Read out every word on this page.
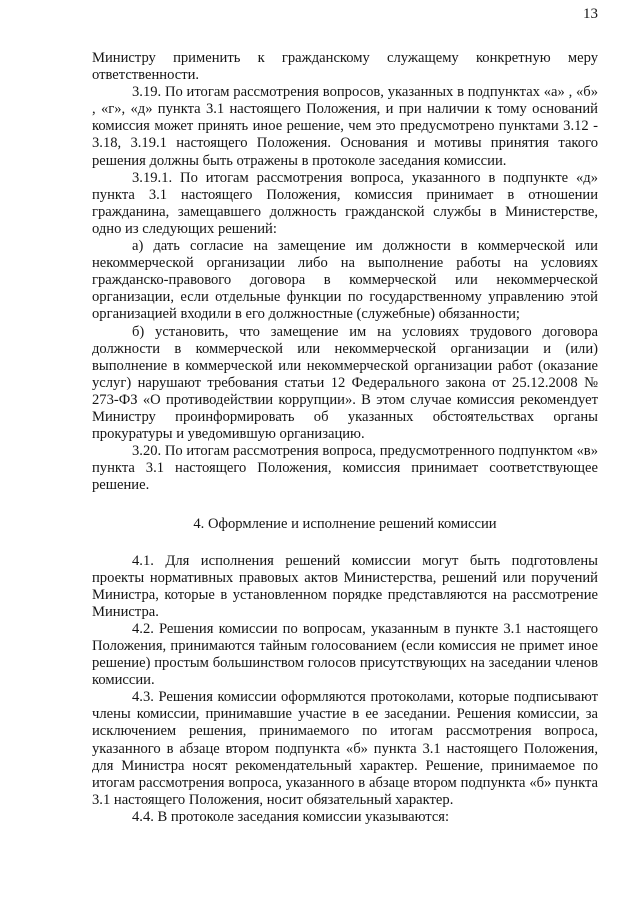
13

Министру применить к гражданскому служащему конкретную меру ответственности.

3.19. По итогам рассмотрения вопросов, указанных в подпунктах «а» , «б» , «г», «д» пункта 3.1 настоящего Положения, и при наличии к тому оснований комиссия может принять иное решение, чем это предусмотрено пунктами 3.12 - 3.18, 3.19.1 настоящего Положения. Основания и мотивы принятия такого решения должны быть отражены в протоколе заседания комиссии.

3.19.1. По итогам рассмотрения вопроса, указанного в подпункте «д» пункта 3.1 настоящего Положения, комиссия принимает в отношении гражданина, замещавшего должность гражданской службы в Министерстве, одно из следующих решений:

а) дать согласие на замещение им должности в коммерческой или некоммерческой организации либо на выполнение работы на условиях гражданско-правового договора в коммерческой или некоммерческой организации, если отдельные функции по государственному управлению этой организацией входили в его должностные (служебные) обязанности;

б) установить, что замещение им на условиях трудового договора должности в коммерческой или некоммерческой организации и (или) выполнение в коммерческой или некоммерческой организации работ (оказание услуг) нарушают требования статьи 12 Федерального закона от 25.12.2008 № 273-ФЗ «О противодействии коррупции». В этом случае комиссия рекомендует Министру проинформировать об указанных обстоятельствах органы прокуратуры и уведомившую организацию.

3.20. По итогам рассмотрения вопроса, предусмотренного подпунктом «в» пункта 3.1 настоящего Положения, комиссия принимает соответствующее решение.

4. Оформление и исполнение решений комиссии

4.1. Для исполнения решений комиссии могут быть подготовлены проекты нормативных правовых актов Министерства, решений или поручений Министра, которые в установленном порядке представляются на рассмотрение Министра.

4.2. Решения комиссии по вопросам, указанным в пункте 3.1 настоящего Положения, принимаются тайным голосованием (если комиссия не примет иное решение) простым большинством голосов присутствующих на заседании членов комиссии.

4.3. Решения комиссии оформляются протоколами, которые подписывают члены комиссии, принимавшие участие в ее заседании. Решения комиссии, за исключением решения, принимаемого по итогам рассмотрения вопроса, указанного в абзаце втором подпункта «б» пункта 3.1 настоящего Положения, для Министра носят рекомендательный характер. Решение, принимаемое по итогам рассмотрения вопроса, указанного в абзаце втором подпункта «б» пункта 3.1 настоящего Положения, носит обязательный характер.

4.4. В протоколе заседания комиссии указываются:
